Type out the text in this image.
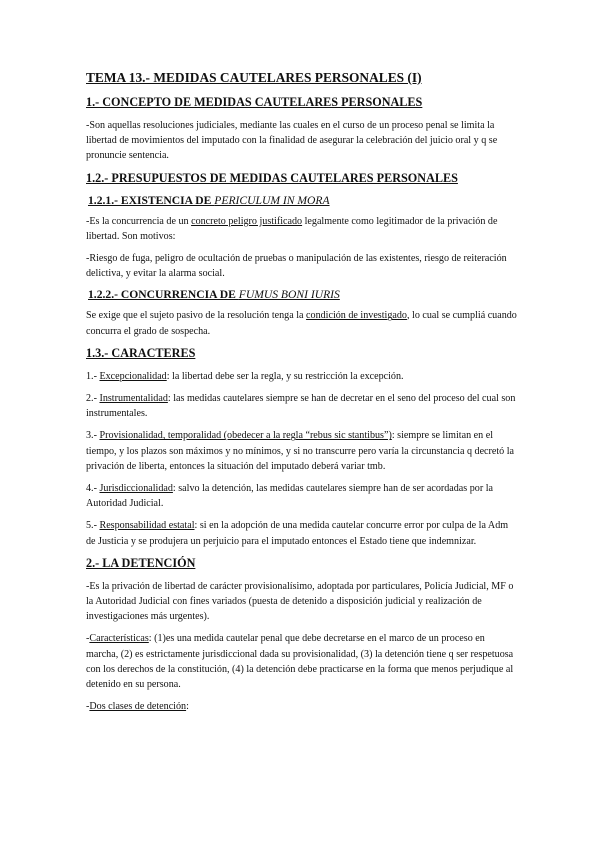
TEMA 13.- MEDIDAS CAUTELARES PERSONALES (I)
1.- CONCEPTO DE MEDIDAS CAUTELARES PERSONALES

-Son aquellas resoluciones judiciales, mediante las cuales en el curso de un proceso penal se limita la libertad de movimientos del imputado con la finalidad de asegurar la celebración del juicio oral y q se pronuncie sentencia.

1.2.- PRESUPUESTOS DE MEDIDAS CAUTELARES PERSONALES
1.2.1.- EXISTENCIA DE PERICULUM IN MORA

-Es la concurrencia de un concreto peligro justificado legalmente como legitimador de la privación de libertad. Son motivos:

-Riesgo de fuga, peligro de ocultación de pruebas o manipulación de las existentes, riesgo de reiteración delictiva, y evitar la alarma social.

1.2.2.- CONCURRENCIA DE FUMUS BONI IURIS

Se exige que el sujeto pasivo de la resolución tenga la condición de investigado, lo cual se cumpliá cuando concurra el grado de sospecha.

1.3.- CARACTERES

1.- Excepcionalidad: la libertad debe ser la regla, y su restricción la excepción.

2.- Instrumentalidad: las medidas cautelares siempre se han de decretar en el seno del proceso del cual son instrumentales.

3.- Provisionalidad, temporalidad (obedecer a la regla “rebus sic stantibus”): siempre se limitan en el tiempo, y los plazos son máximos y no mínimos, y si no transcurre pero varía la circunstancia q decretó la privación de liberta, entonces la situación del imputado deberá variar tmb.

4.- Jurisdiccionalidad: salvo la detención, las medidas cautelares siempre han de ser acordadas por la Autoridad Judicial.

5.- Responsabilidad estatal: si en la adopción de una medida cautelar concurre error por culpa de la Adm de Justicia y se produjera un perjuicio para el imputado entonces el Estado tiene que indemnizar.

2.- LA DETENCIÓN

-Es la privación de libertad de carácter provisionalísimo, adoptada por particulares, Policía Judicial, MF o la Autoridad Judicial con fines variados (puesta de detenido a disposición judicial y realización de investigaciones más urgentes).

-Características: (1)es una medida cautelar penal que debe decretarse en el marco de un proceso en marcha, (2) es estrictamente jurisdiccional dada su provisionalidad, (3) la detención tiene q ser respetuosa con los derechos de la constitución, (4) la detención debe practicarse en la forma que menos perjudique al detenido en su persona.

-Dos clases de detención:
